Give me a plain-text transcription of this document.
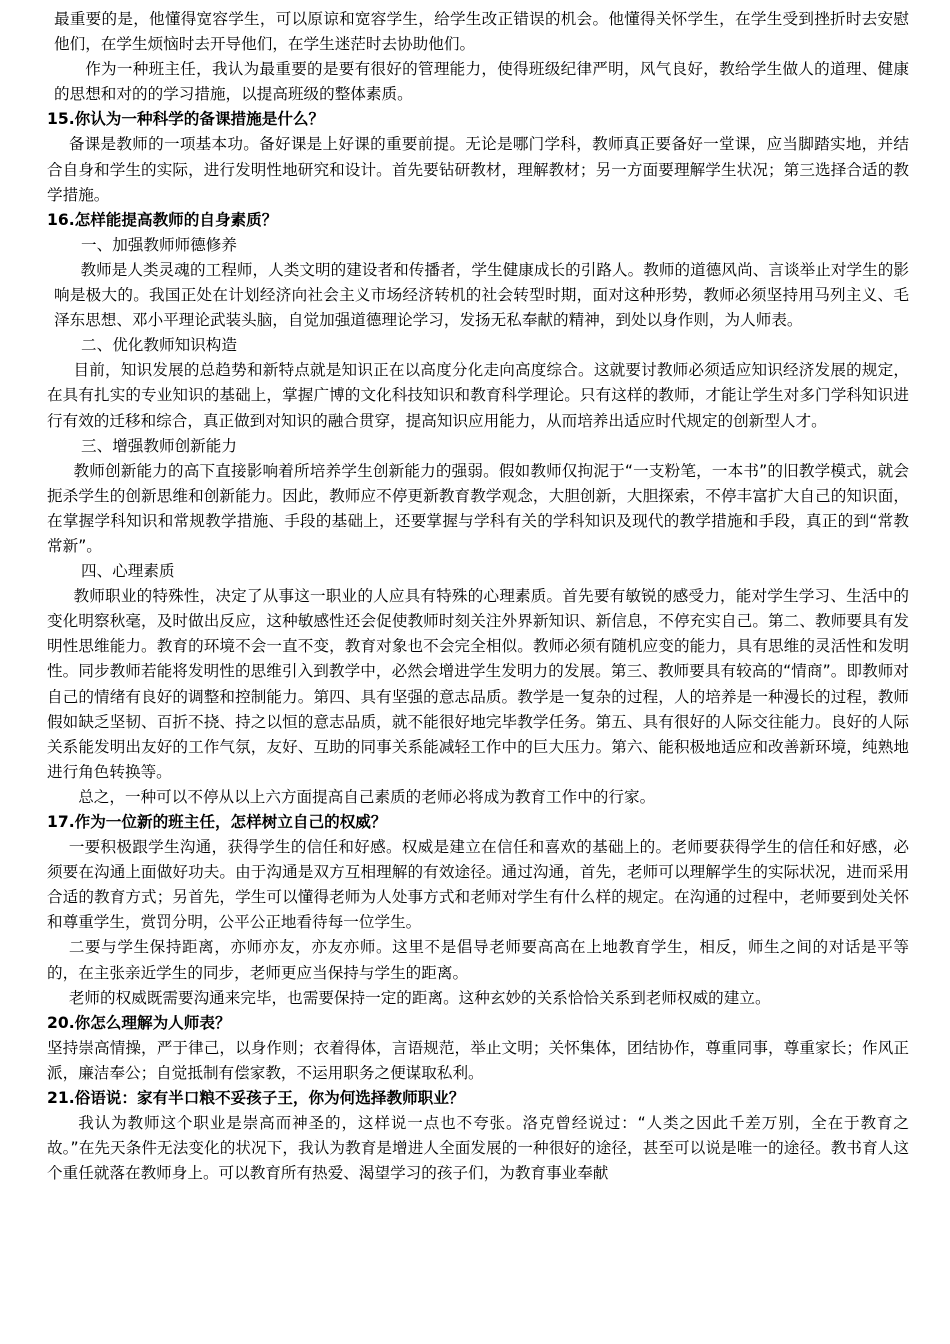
最重要的是，他懂得宽容学生，可以原谅和宽容学生，给学生改正错误的机会。他懂得关怀学生，在学生受到挫折时去安慰他们，在学生烦恼时去开导他们，在学生迷茫时去协助他们。

作为一种班主任，我认为最重要的是要有很好的管理能力，使得班级纪律严明，风气良好，教给学生做人的道理、健康的思想和对的的学习措施，以提高班级的整体素质。

15.你认为一种科学的备课措施是什么？

备课是教师的一项基本功。备好课是上好课的重要前提。无论是哪门学科，教师真正要备好一堂课，应当脚踏实地，并结合自身和学生的实际，进行发明性地研究和设计。首先要钻研教材，理解教材；另一方面要理解学生状况；第三选择合适的教学措施。

16.怎样能提高教师的自身素质？

一、加强教师师德修养

教师是人类灵魂的工程师，人类文明的建设者和传播者，学生健康成长的引路人。教师的道德风尚、言谈举止对学生的影响是极大的。我国正处在计划经济向社会主义市场经济转机的社会转型时期，面对这种形势，教师必须坚持用马列主义、毛泽东思想、邓小平理论武装头脑，自觉加强道德理论学习，发扬无私奉献的精神，到处以身作则，为人师表。

二、优化教师知识构造

目前，知识发展的总趋势和新特点就是知识正在以高度分化走向高度综合。这就要讨教师必须适应知识经济发展的规定，在具有扎实的专业知识的基础上，掌握广博的文化科技知识和教育科学理论。只有这样的教师，才能让学生对多门学科知识进行有效的迁移和综合，真正做到对知识的融合贯穿，提高知识应用能力，从而培养出适应时代规定的创新型人才。

三、增强教师创新能力

教师创新能力的高下直接影响着所培养学生创新能力的强弱。假如教师仅拘泥于“一支粉笔，一本书”的旧教学模式，就会扼杀学生的创新思维和创新能力。因此，教师应不停更新教育教学观念，大胆创新，大胆探索，不停丰富扩大自己的知识面，在掌握学科知识和常规教学措施、手段的基础上，还要掌握与学科有关的学科知识及现代的教学措施和手段，真正的到“常教常新”。

四、心理素质

教师职业的特殊性，决定了从事这一职业的人应具有特殊的心理素质。首先要有敏锐的感受力，能对学生学习、生活中的变化明察秋毫，及时做出反应，这种敏感性还会促使教师时刻关注外界新知识、新信息，不停充实自己。第二、教师要具有发明性思维能力。教育的环境不会一直不变，教育对象也不会完全相似。教师必须有随机应变的能力，具有思维的灵活性和发明性。同步教师若能将发明性的思维引入到教学中，必然会增进学生发明力的发展。第三、教师要具有较高的“情商”。即教师对自己的情绪有良好的调整和控制能力。第四、具有坚强的意志品质。教学是一复杂的过程，人的培养是一种漫长的过程，教师假如缺乏坚韧、百折不挠、持之以恒的意志品质，就不能很好地完毕教学任务。第五、具有很好的人际交往能力。良好的人际关系能发明出友好的工作气氛，友好、互助的同事关系能减轻工作中的巨大压力。第六、能积极地适应和改善新环境，纯熟地进行角色转换等。

总之，一种可以不停从以上六方面提高自己素质的老师必将成为教育工作中的行家。

17.作为一位新的班主任，怎样树立自己的权威？

一要积极跟学生沟通，获得学生的信任和好感。权威是建立在信任和喜欢的基础上的。老师要获得学生的信任和好感，必须要在沟通上面做好功夫。由于沟通是双方互相理解的有效途径。通过沟通，首先，老师可以理解学生的实际状况，进而采用合适的教育方式；另首先，学生可以懂得老师为人处事方式和老师对学生有什么样的规定。在沟通的过程中，老师要到处关怀和尊重学生，赏罚分明，公平公正地看待每一位学生。

二要与学生保持距离，亦师亦友，亦友亦师。这里不是倡导老师要高高在上地教育学生，相反，师生之间的对话是平等的，在主张亲近学生的同步，老师更应当保持与学生的距离。

老师的权威既需要沟通来完毕，也需要保持一定的距离。这种玄妙的关系恰恰关系到老师权威的建立。

20.你怎么理解为人师表？

坚持崇高情操，严于律己，以身作则；衣着得体，言语规范，举止文明；关怀集体，团结协作，尊重同事，尊重家长；作风正派，廉洁奉公；自觉抵制有偿家教，不运用职务之便谋取私利。

21.俗语说：家有半口粮不妥孩子王，你为何选择教师职业？

我认为教师这个职业是崇高而神圣的，这样说一点也不夸张。洛克曾经说过：“人类之因此千差万别，全在于教育之故。”在先天条件无法变化的状况下，我认为教育是增进人全面发展的一种很好的途径，甚至可以说是唯一的途径。教书育人这个重任就落在教师身上。可以教育所有热爱、渴望学习的孩子们，为教育事业奉献
